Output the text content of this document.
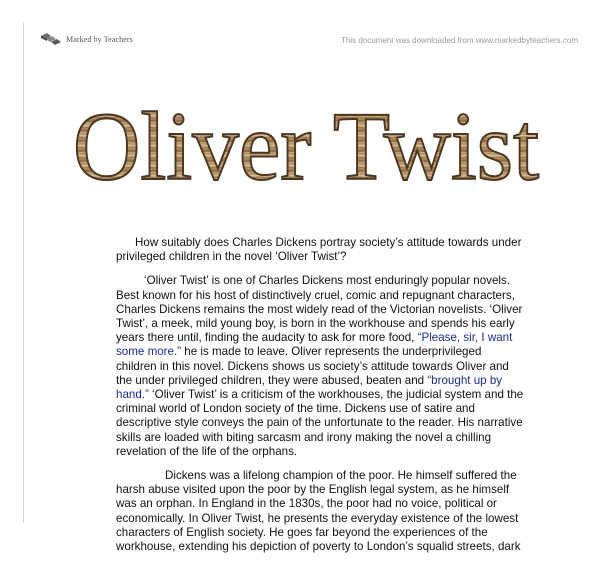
Marked by Teachers	This document was downloaded from www.markedbyteachers.com
Oliver Twist

How suitably does Charles Dickens portray society’s attitude towards under privileged children in the novel ‘Oliver Twist’?

‘Oliver Twist’ is one of Charles Dickens most enduringly popular novels. Best known for his host of distinctively cruel, comic and repugnant characters, Charles Dickens remains the most widely read of the Victorian novelists. ‘Oliver Twist’, a meek, mild young boy, is born in the workhouse and spends his early years there until, finding the audacity to ask for more food, “Please, sir, I want some more.” he is made to leave. Oliver represents the underprivileged children in this novel. Dickens shows us society’s attitude towards Oliver and the under privileged children, they were abused, beaten and “brought up by hand.” ‘Oliver Twist’ is a criticism of the workhouses, the judicial system and the criminal world of London society of the time. Dickens use of satire and descriptive style conveys the pain of the unfortunate to the reader. His narrative skills are loaded with biting sarcasm and irony making the novel a chilling revelation of the life of the orphans.

Dickens was a lifelong champion of the poor. He himself suffered the harsh abuse visited upon the poor by the English legal system, as he himself was an orphan. In England in the 1830s, the poor had no voice, political or economically. In Oliver Twist, he presents the everyday existence of the lowest characters of English society. He goes far beyond the experiences of the workhouse, extending his depiction of poverty to London’s squalid streets, dark
